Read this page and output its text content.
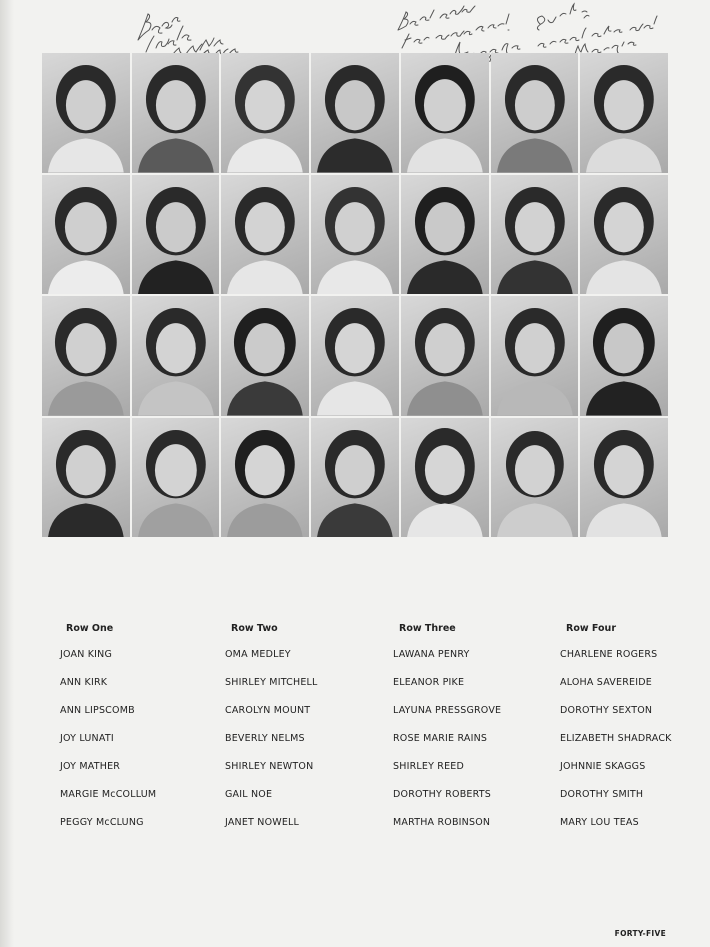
Row One
JOAN KING
ANN KIRK
ANN LIPSCOMB
JOY LUNATI
JOY MATHER
MARGIE McCOLLUM
PEGGY McCLUNG
Row Two
OMA MEDLEY
SHIRLEY MITCHELL
CAROLYN MOUNT
BEVERLY NELMS
SHIRLEY NEWTON
GAIL NOE
JANET NOWELL
Row Three
LAWANA PENRY
ELEANOR PIKE
LAYUNA PRESSGROVE
ROSE MARIE RAINS
SHIRLEY REED
DOROTHY ROBERTS
MARTHA ROBINSON
Row Four
CHARLENE ROGERS
ALOHA SAVEREIDE
DOROTHY SEXTON
ELIZABETH SHADRACK
JOHNNIE SKAGGS
DOROTHY SMITH
MARY LOU TEAS
FORTY-FIVE
